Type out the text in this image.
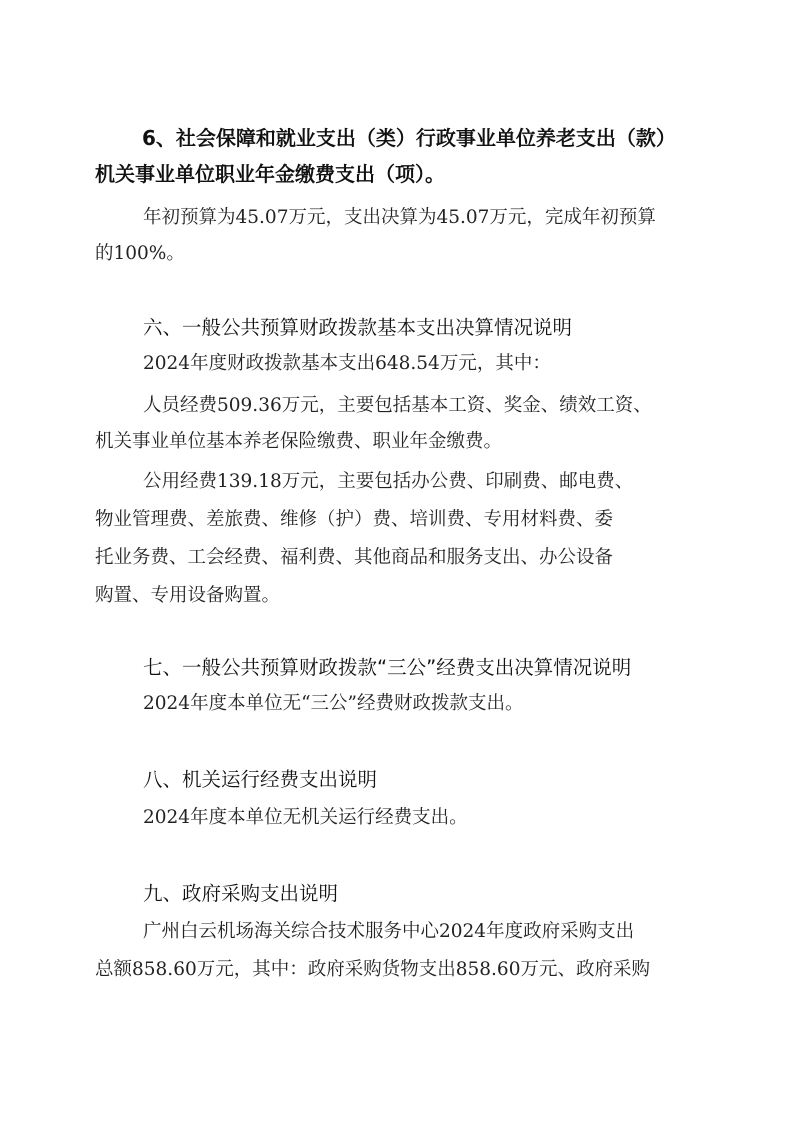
6、社会保障和就业支出（类）行政事业单位养老支出（款）
机关事业单位职业年金缴费支出（项）。
年初预算为45.07万元，支出决算为45.07万元，完成年初预算
的100%。
六、一般公共预算财政拨款基本支出决算情况说明
2024年度财政拨款基本支出648.54万元，其中：
人员经费509.36万元，主要包括基本工资、奖金、绩效工资、
机关事业单位基本养老保险缴费、职业年金缴费。
公用经费139.18万元，主要包括办公费、印刷费、邮电费、
物业管理费、差旅费、维修（护）费、培训费、专用材料费、委
托业务费、工会经费、福利费、其他商品和服务支出、办公设备
购置、专用设备购置。
七、一般公共预算财政拨款“三公”经费支出决算情况说明
2024年度本单位无“三公”经费财政拨款支出。
八、机关运行经费支出说明
2024年度本单位无机关运行经费支出。
九、政府采购支出说明
广州白云机场海关综合技术服务中心2024年度政府采购支出
总额858.60万元，其中：政府采购货物支出858.60万元、政府采购
